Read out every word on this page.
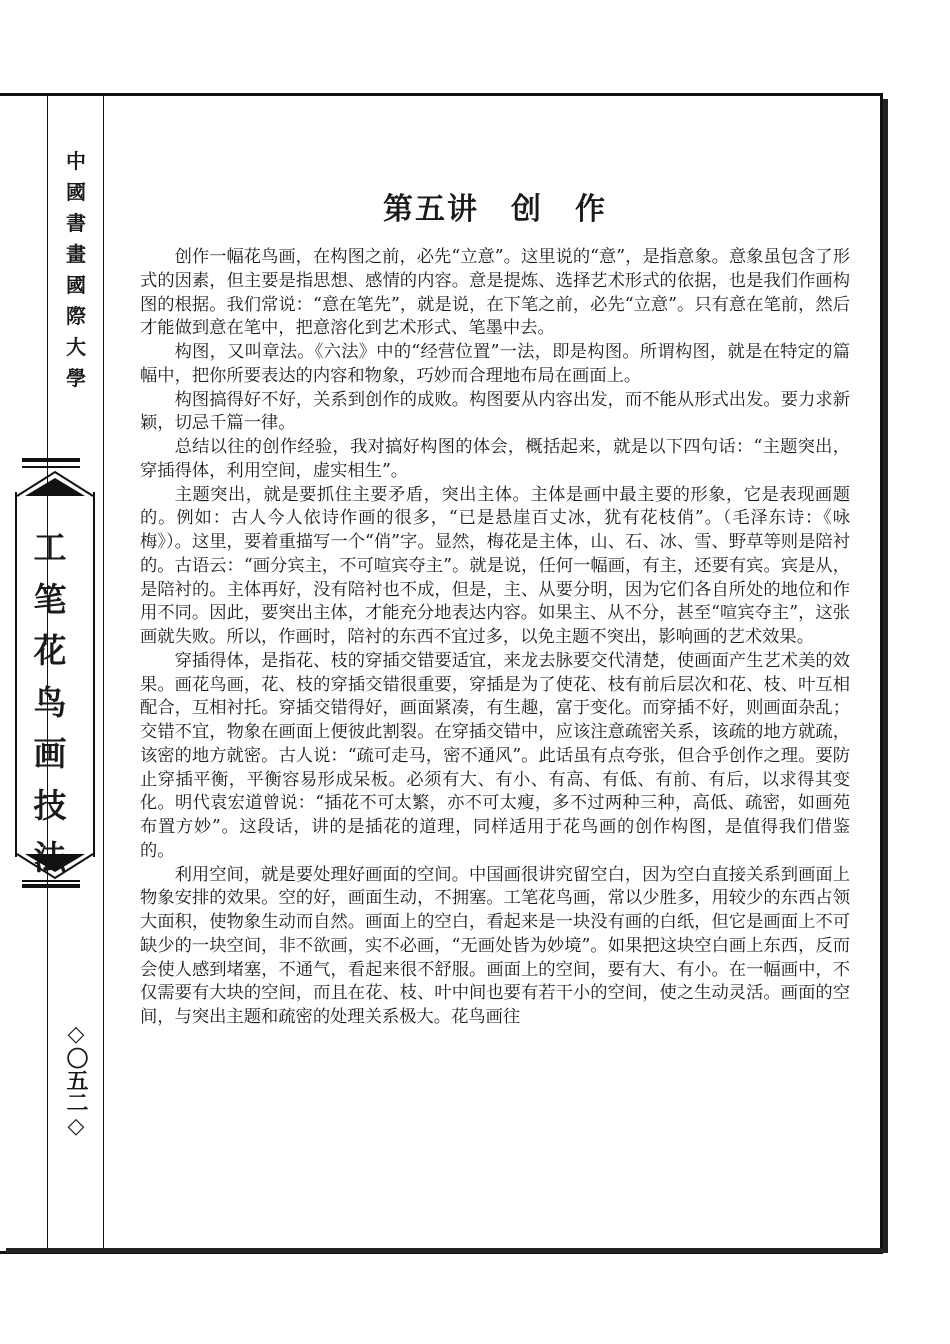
中
國
書
畫
國
際
大
學
工
笔
花
鸟
画
技
◇〇五二◇
第五讲　创　作

创作一幅花鸟画，在构图之前，必先“立意”。这里说的“意”，是指意象。意象虽包含了形式的因素，但主要是指思想、感情的内容。意是提炼、选择艺术形式的依据，也是我们作画构图的根据。我们常说：“意在笔先”，就是说，在下笔之前，必先“立意”。只有意在笔前，然后才能做到意在笔中，把意溶化到艺术形式、笔墨中去。

构图，又叫章法。《六法》中的“经营位置”一法，即是构图。所谓构图，就是在特定的篇幅中，把你所要表达的内容和物象，巧妙而合理地布局在画面上。

构图搞得好不好，关系到创作的成败。构图要从内容出发，而不能从形式出发。要力求新颖，切忌千篇一律。

总结以往的创作经验，我对搞好构图的体会，概括起来，就是以下四句话：“主题突出，穿插得体，利用空间，虚实相生”。

主题突出，就是要抓住主要矛盾，突出主体。主体是画中最主要的形象，它是表现画题的。例如：古人今人依诗作画的很多，“已是悬崖百丈冰，犹有花枝俏”。（毛泽东诗：《咏梅》）。这里，要着重描写一个“俏”字。显然，梅花是主体，山、石、冰、雪、野草等则是陪衬的。古语云：“画分宾主，不可喧宾夺主”。就是说，任何一幅画，有主，还要有宾。宾是从，是陪衬的。主体再好，没有陪衬也不成，但是，主、从要分明，因为它们各自所处的地位和作用不同。因此，要突出主体，才能充分地表达内容。如果主、从不分，甚至“喧宾夺主”，这张画就失败。所以，作画时，陪衬的东西不宜过多，以免主题不突出，影响画的艺术效果。

穿插得体，是指花、枝的穿插交错要适宜，来龙去脉要交代清楚，使画面产生艺术美的效果。画花鸟画，花、枝的穿插交错很重要，穿插是为了使花、枝有前后层次和花、枝、叶互相配合，互相衬托。穿插交错得好，画面紧凑，有生趣，富于变化。而穿插不好，则画面杂乱；交错不宜，物象在画面上便彼此割裂。在穿插交错中，应该注意疏密关系，该疏的地方就疏，该密的地方就密。古人说：“疏可走马，密不通风”。此话虽有点夸张，但合乎创作之理。要防止穿插平衡，平衡容易形成呆板。必须有大、有小、有高、有低、有前、有后，以求得其变化。明代袁宏道曾说：“插花不可太繁，亦不可太瘦，多不过两种三种，高低、疏密，如画苑布置方妙”。这段话，讲的是插花的道理，同样适用于花鸟画的创作构图，是值得我们借鉴的。

利用空间，就是要处理好画面的空间。中国画很讲究留空白，因为空白直接关系到画面上物象安排的效果。空的好，画面生动，不拥塞。工笔花鸟画，常以少胜多，用较少的东西占领大面积，使物象生动而自然。画面上的空白，看起来是一块没有画的白纸，但它是画面上不可缺少的一块空间，非不欲画，实不必画，“无画处皆为妙境”。如果把这块空白画上东西，反而会使人感到堵塞，不通气，看起来很不舒服。画面上的空间，要有大、有小。在一幅画中，不仅需要有大块的空间，而且在花、枝、叶中间也要有若干小的空间，使之生动灵活。画面的空间，与突出主题和疏密的处理关系极大。花鸟画往
